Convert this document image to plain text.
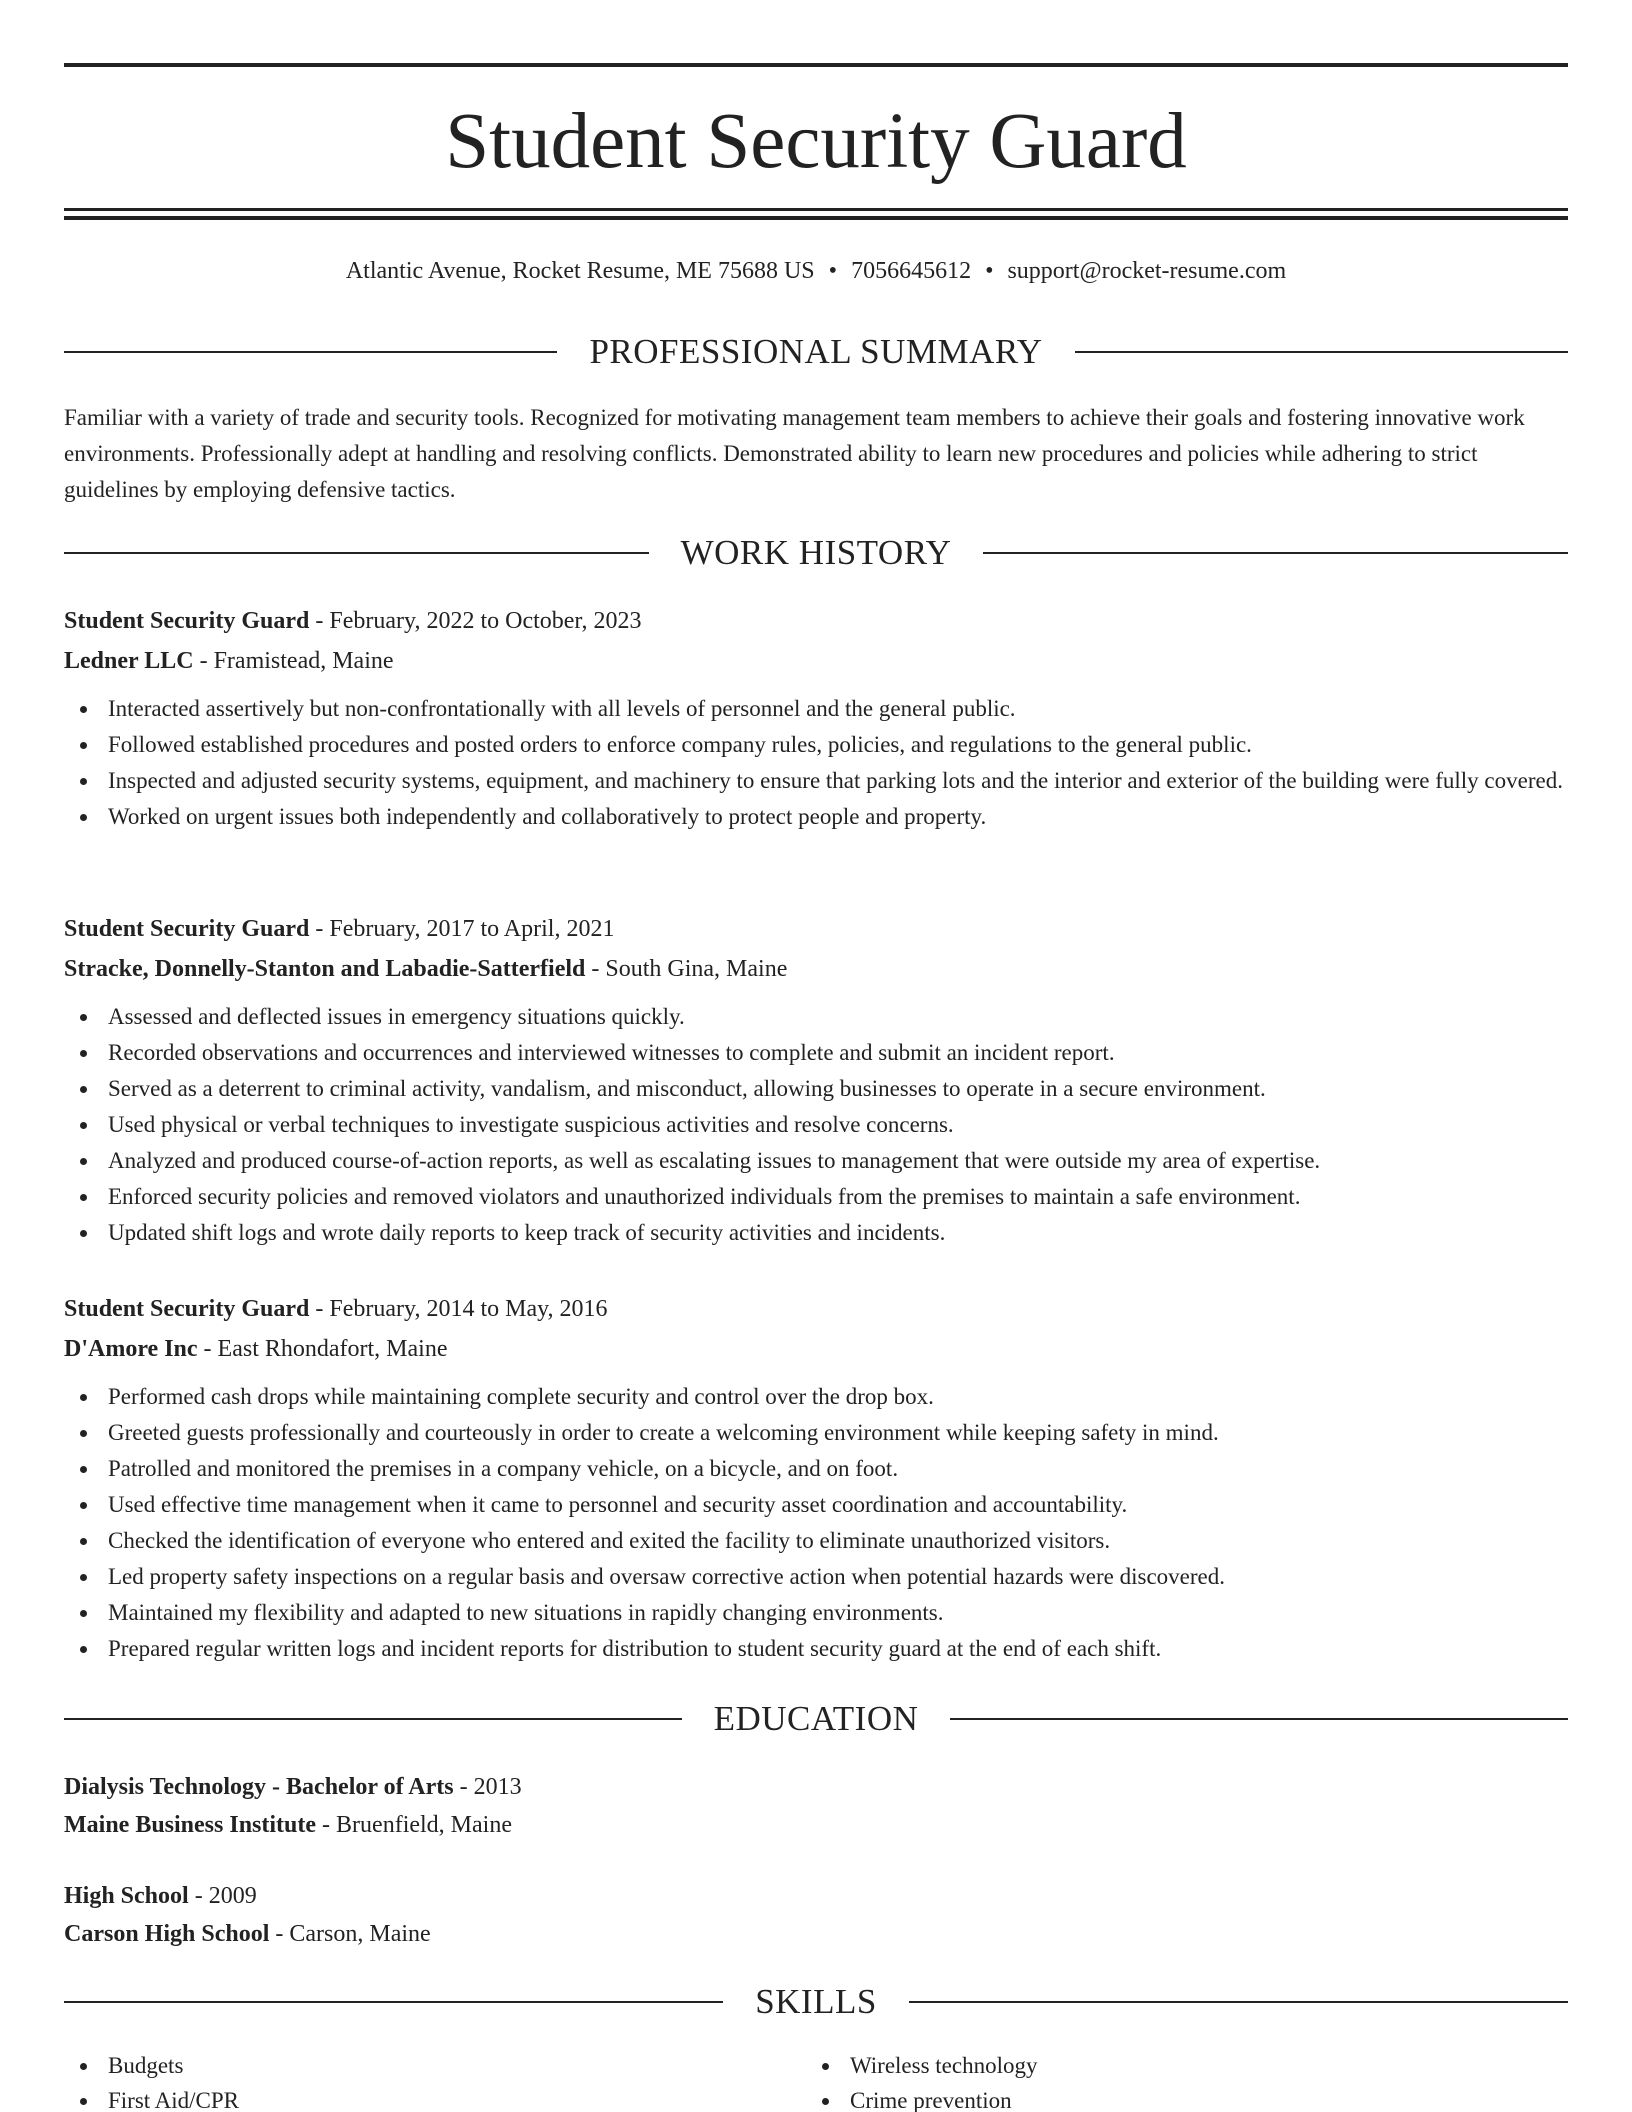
Student Security Guard
Atlantic Avenue, Rocket Resume, ME 75688 US • 7056645612 • support@rocket-resume.com
PROFESSIONAL SUMMARY

Familiar with a variety of trade and security tools. Recognized for motivating management team members to achieve their goals and fostering innovative work environments. Professionally adept at handling and resolving conflicts. Demonstrated ability to learn new procedures and policies while adhering to strict guidelines by employing defensive tactics.

WORK HISTORY
Student Security Guard - February, 2022 to October, 2023
Ledner LLC - Framistead, Maine
Interacted assertively but non-confrontationally with all levels of personnel and the general public.
Followed established procedures and posted orders to enforce company rules, policies, and regulations to the general public.
Inspected and adjusted security systems, equipment, and machinery to ensure that parking lots and the interior and exterior of the building were fully covered.
Worked on urgent issues both independently and collaboratively to protect people and property.
Student Security Guard - February, 2017 to April, 2021
Stracke, Donnelly-Stanton and Labadie-Satterfield - South Gina, Maine
Assessed and deflected issues in emergency situations quickly.
Recorded observations and occurrences and interviewed witnesses to complete and submit an incident report.
Served as a deterrent to criminal activity, vandalism, and misconduct, allowing businesses to operate in a secure environment.
Used physical or verbal techniques to investigate suspicious activities and resolve concerns.
Analyzed and produced course-of-action reports, as well as escalating issues to management that were outside my area of expertise.
Enforced security policies and removed violators and unauthorized individuals from the premises to maintain a safe environment.
Updated shift logs and wrote daily reports to keep track of security activities and incidents.
Student Security Guard - February, 2014 to May, 2016
D'Amore Inc - East Rhondafort, Maine
Performed cash drops while maintaining complete security and control over the drop box.
Greeted guests professionally and courteously in order to create a welcoming environment while keeping safety in mind.
Patrolled and monitored the premises in a company vehicle, on a bicycle, and on foot.
Used effective time management when it came to personnel and security asset coordination and accountability.
Checked the identification of everyone who entered and exited the facility to eliminate unauthorized visitors.
Led property safety inspections on a regular basis and oversaw corrective action when potential hazards were discovered.
Maintained my flexibility and adapted to new situations in rapidly changing environments.
Prepared regular written logs and incident reports for distribution to student security guard at the end of each shift.
EDUCATION
Dialysis Technology - Bachelor of Arts - 2013
Maine Business Institute - Bruenfield, Maine
High School - 2009
Carson High School - Carson, Maine
SKILLS
Budgets
First Aid/CPR
Wireless technology
Crime prevention
